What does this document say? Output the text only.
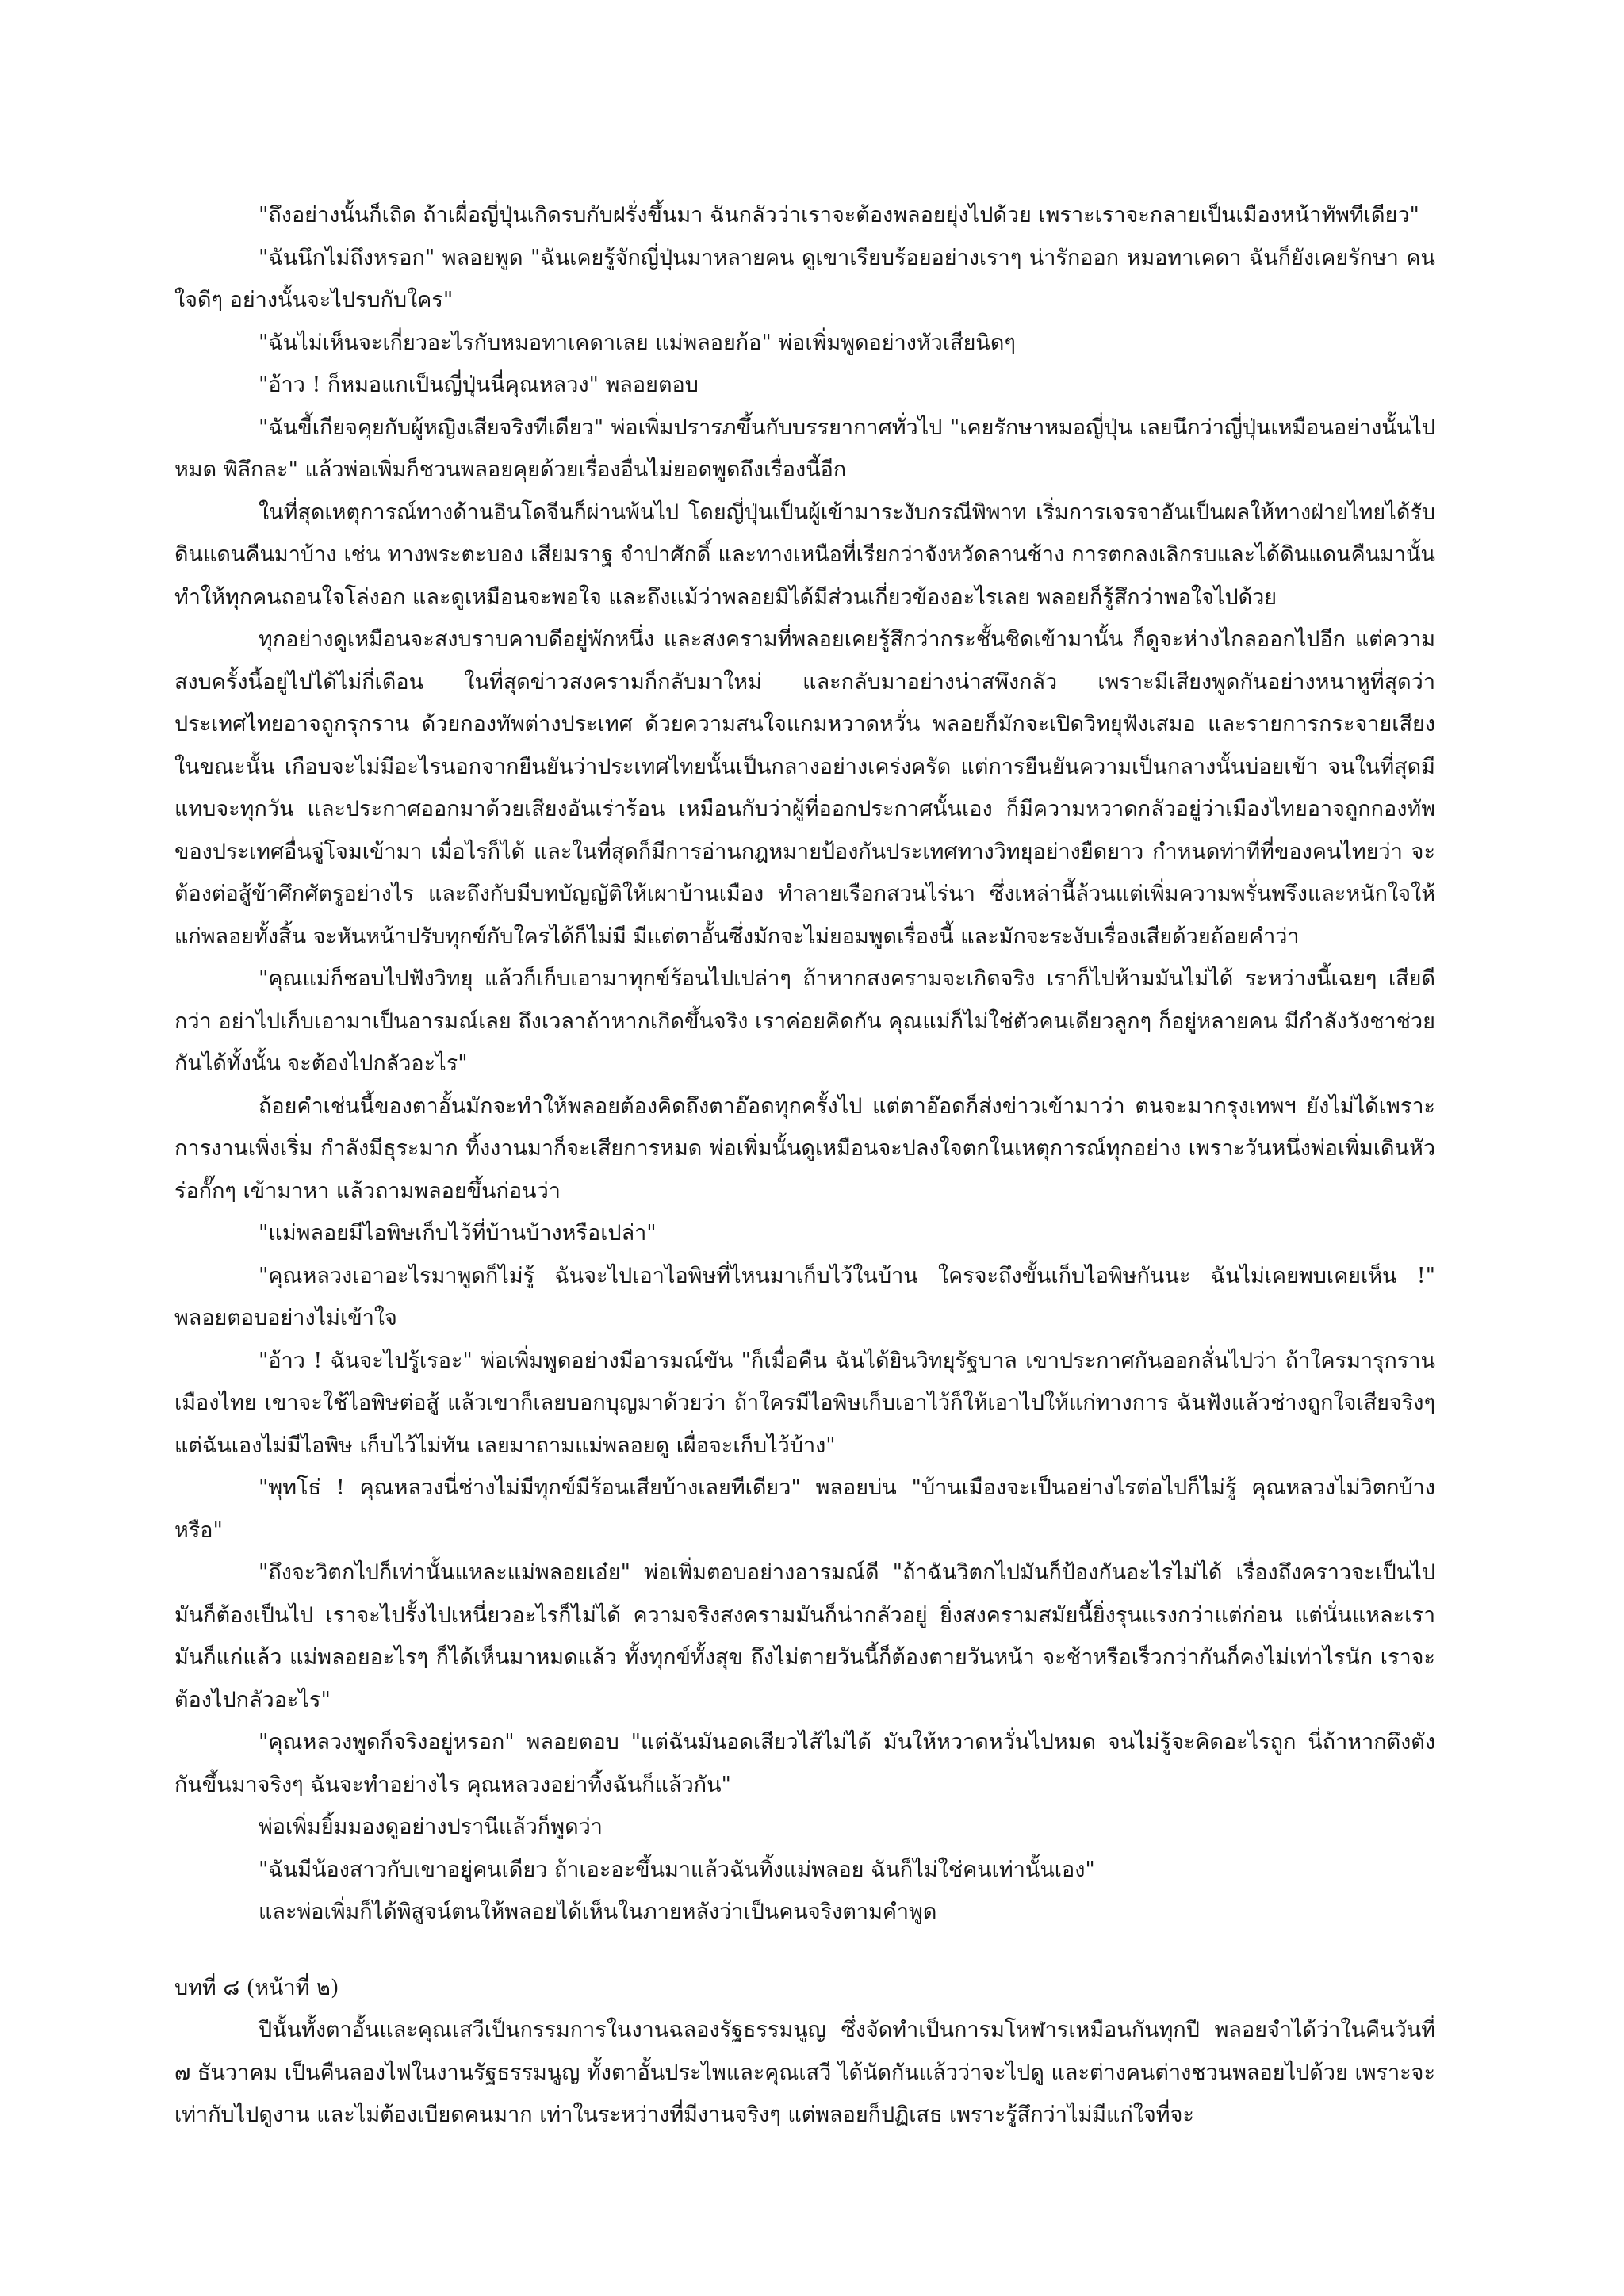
"ถึงอย่างนั้นก็เถิด ถ้าเผื่อญี่ปุ่นเกิดรบกับฝรั่งขึ้นมา ฉันกลัวว่าเราจะต้องพลอยยุ่งไปด้วย เพราะเราจะกลายเป็นเมืองหน้าทัพทีเดียว"

"ฉันนึกไม่ถึงหรอก" พลอยพูด "ฉันเคยรู้จักญี่ปุ่นมาหลายคน ดูเขาเรียบร้อยอย่างเราๆ น่ารักออก หมอทาเคดา ฉันก็ยังเคยรักษา คนใจดีๆ อย่างนั้นจะไปรบกับใคร"

"ฉันไม่เห็นจะเกี่ยวอะไรกับหมอทาเคดาเลย แม่พลอยก้อ" พ่อเพิ่มพูดอย่างหัวเสียนิดๆ

"อ้าว ! ก็หมอแกเป็นญี่ปุ่นนี่คุณหลวง" พลอยตอบ

"ฉันขี้เกียจคุยกับผู้หญิงเสียจริงทีเดียว" พ่อเพิ่มปรารภขึ้นกับบรรยากาศทั่วไป "เคยรักษาหมอญี่ปุ่น เลยนึกว่าญี่ปุ่นเหมือนอย่างนั้นไปหมด พิลึกละ" แล้วพ่อเพิ่มก็ชวนพลอยคุยด้วยเรื่องอื่นไม่ยอดพูดถึงเรื่องนี้อีก

ในที่สุดเหตุการณ์ทางด้านอินโดจีนก็ผ่านพ้นไป โดยญี่ปุ่นเป็นผู้เข้ามาระงับกรณีพิพาท เริ่มการเจรจาอันเป็นผลให้ทางฝ่ายไทยได้รับดินแดนคืนมาบ้าง เช่น ทางพระตะบอง เสียมราฐ จำปาศักดิ์ และทางเหนือที่เรียกว่าจังหวัดลานช้าง การตกลงเลิกรบและได้ดินแดนคืนมานั้น ทำให้ทุกคนถอนใจโล่งอก และดูเหมือนจะพอใจ และถึงแม้ว่าพลอยมิได้มีส่วนเกี่ยวข้องอะไรเลย พลอยก็รู้สึกว่าพอใจไปด้วย

ทุกอย่างดูเหมือนจะสงบราบคาบดีอยู่พักหนึ่ง และสงครามที่พลอยเคยรู้สึกว่ากระชั้นชิดเข้ามานั้น ก็ดูจะห่างไกลออกไปอีก แต่ความสงบครั้งนี้อยู่ไปได้ไม่กี่เดือน ในที่สุดข่าวสงครามก็กลับมาใหม่ และกลับมาอย่างน่าสพึงกลัว เพราะมีเสียงพูดกันอย่างหนาหูที่สุดว่า ประเทศไทยอาจถูกรุกราน ด้วยกองทัพต่างประเทศ ด้วยความสนใจแกมหวาดหวั่น พลอยก็มักจะเปิดวิทยุฟังเสมอ และรายการกระจายเสียงในขณะนั้น เกือบจะไม่มีอะไรนอกจากยืนยันว่าประเทศไทยนั้นเป็นกลางอย่างเคร่งครัด แต่การยืนยันความเป็นกลางนั้นบ่อยเข้า จนในที่สุดมีแทบจะทุกวัน และประกาศออกมาด้วยเสียงอันเร่าร้อน เหมือนกับว่าผู้ที่ออกประกาศนั้นเอง ก็มีความหวาดกลัวอยู่ว่าเมืองไทยอาจถูกกองทัพของประเทศอื่นจู่โจมเข้ามา เมื่อไรก็ได้ และในที่สุดก็มีการอ่านกฎหมายป้องกันประเทศทางวิทยุอย่างยืดยาว กำหนดท่าทีที่ของคนไทยว่า จะต้องต่อสู้ข้าศึกศัตรูอย่างไร และถึงกับมีบทบัญญัติให้เผาบ้านเมือง ทำลายเรือกสวนไร่นา ซึ่งเหล่านี้ล้วนแต่เพิ่มความพรั่นพรึงและหนักใจให้แก่พลอยทั้งสิ้น จะหันหน้าปรับทุกข์กับใครได้ก็ไม่มี มีแต่ตาอั้นซึ่งมักจะไม่ยอมพูดเรื่องนี้ และมักจะระงับเรื่องเสียด้วยถ้อยคำว่า

"คุณแม่ก็ชอบไปฟังวิทยุ แล้วก็เก็บเอามาทุกข์ร้อนไปเปล่าๆ ถ้าหากสงครามจะเกิดจริง เราก็ไปห้ามมันไม่ได้ ระหว่างนี้เฉยๆ เสียดีกว่า อย่าไปเก็บเอามาเป็นอารมณ์เลย ถึงเวลาถ้าหากเกิดขึ้นจริง เราค่อยคิดกัน คุณแม่ก็ไม่ใช่ตัวคนเดียวลูกๆ ก็อยู่หลายคน มีกำลังวังชาช่วยกันได้ทั้งนั้น จะต้องไปกลัวอะไร"

ถ้อยคำเช่นนี้ของตาอั้นมักจะทำให้พลอยต้องคิดถึงตาอ๊อดทุกครั้งไป แต่ตาอ๊อดก็ส่งข่าวเข้ามาว่า ตนจะมากรุงเทพฯ ยังไม่ได้เพราะการงานเพิ่งเริ่ม กำลังมีธุระมาก ทิ้งงานมาก็จะเสียการหมด พ่อเพิ่มนั้นดูเหมือนจะปลงใจตกในเหตุการณ์ทุกอย่าง เพราะวันหนึ่งพ่อเพิ่มเดินหัวร่อกั๊กๆ เข้ามาหา แล้วถามพลอยขึ้นก่อนว่า

"แม่พลอยมีไอพิษเก็บไว้ที่บ้านบ้างหรือเปล่า"

"คุณหลวงเอาอะไรมาพูดก็ไม่รู้ ฉันจะไปเอาไอพิษที่ไหนมาเก็บไว้ในบ้าน ใครจะถึงขั้นเก็บไอพิษกันนะ ฉันไม่เคยพบเคยเห็น !" พลอยตอบอย่างไม่เข้าใจ

"อ้าว ! ฉันจะไปรู้เรอะ" พ่อเพิ่มพูดอย่างมีอารมณ์ขัน "ก็เมื่อคืน ฉันได้ยินวิทยุรัฐบาล เขาประกาศกันออกลั่นไปว่า ถ้าใครมารุกรานเมืองไทย เขาจะใช้ไอพิษต่อสู้ แล้วเขาก็เลยบอกบุญมาด้วยว่า ถ้าใครมีไอพิษเก็บเอาไว้ก็ให้เอาไปให้แก่ทางการ ฉันฟังแล้วช่างถูกใจเสียจริงๆ แต่ฉันเองไม่มีไอพิษ เก็บไว้ไม่ทัน เลยมาถามแม่พลอยดู เผื่อจะเก็บไว้บ้าง"

"พุทโธ่ ! คุณหลวงนี่ช่างไม่มีทุกข์มีร้อนเสียบ้างเลยทีเดียว" พลอยบ่น "บ้านเมืองจะเป็นอย่างไรต่อไปก็ไม่รู้ คุณหลวงไม่วิตกบ้างหรือ"

"ถึงจะวิตกไปก็เท่านั้นแหละแม่พลอยเอ๋ย" พ่อเพิ่มตอบอย่างอารมณ์ดี "ถ้าฉันวิตกไปมันก็ป้องกันอะไรไม่ได้ เรื่องถึงคราวจะเป็นไปมันก็ต้องเป็นไป เราจะไปรั้งไปเหนี่ยวอะไรก็ไม่ได้ ความจริงสงครามมันก็น่ากลัวอยู่ ยิ่งสงครามสมัยนี้ยิ่งรุนแรงกว่าแต่ก่อน แต่นั่นแหละเรามันก็แก่แล้ว แม่พลอยอะไรๆ ก็ได้เห็นมาหมดแล้ว ทั้งทุกข์ทั้งสุข ถึงไม่ตายวันนี้ก็ต้องตายวันหน้า จะช้าหรือเร็วกว่ากันก็คงไม่เท่าไรนัก เราจะต้องไปกลัวอะไร"

"คุณหลวงพูดก็จริงอยู่หรอก" พลอยตอบ "แต่ฉันมันอดเสียวไส้ไม่ได้ มันให้หวาดหวั่นไปหมด จนไม่รู้จะคิดอะไรถูก นี่ถ้าหากตึงตังกันขึ้นมาจริงๆ ฉันจะทำอย่างไร คุณหลวงอย่าทิ้งฉันก็แล้วกัน"

พ่อเพิ่มยิ้มมองดูอย่างปรานีแล้วก็พูดว่า

"ฉันมีน้องสาวกับเขาอยู่คนเดียว ถ้าเอะอะขึ้นมาแล้วฉันทิ้งแม่พลอย ฉันก็ไม่ใช่คนเท่านั้นเอง"

และพ่อเพิ่มก็ได้พิสูจน์ตนให้พลอยได้เห็นในภายหลังว่าเป็นคนจริงตามคำพูด

บทที่ ๘ (หน้าที่ ๒)

ปีนั้นทั้งตาอั้นและคุณเสวีเป็นกรรมการในงานฉลองรัฐธรรมนูญ ซึ่งจัดทำเป็นการมโหฬารเหมือนกันทุกปี พลอยจำได้ว่าในคืนวันที่ ๗ ธันวาคม เป็นคืนลองไฟในงานรัฐธรรมนูญ ทั้งตาอั้นประไพและคุณเสวี ได้นัดกันแล้วว่าจะไปดู และต่างคนต่างชวนพลอยไปด้วย เพราะจะเท่ากับไปดูงาน และไม่ต้องเบียดคนมาก เท่าในระหว่างที่มีงานจริงๆ แต่พลอยก็ปฏิเสธ เพราะรู้สึกว่าไม่มีแก่ใจที่จะ
